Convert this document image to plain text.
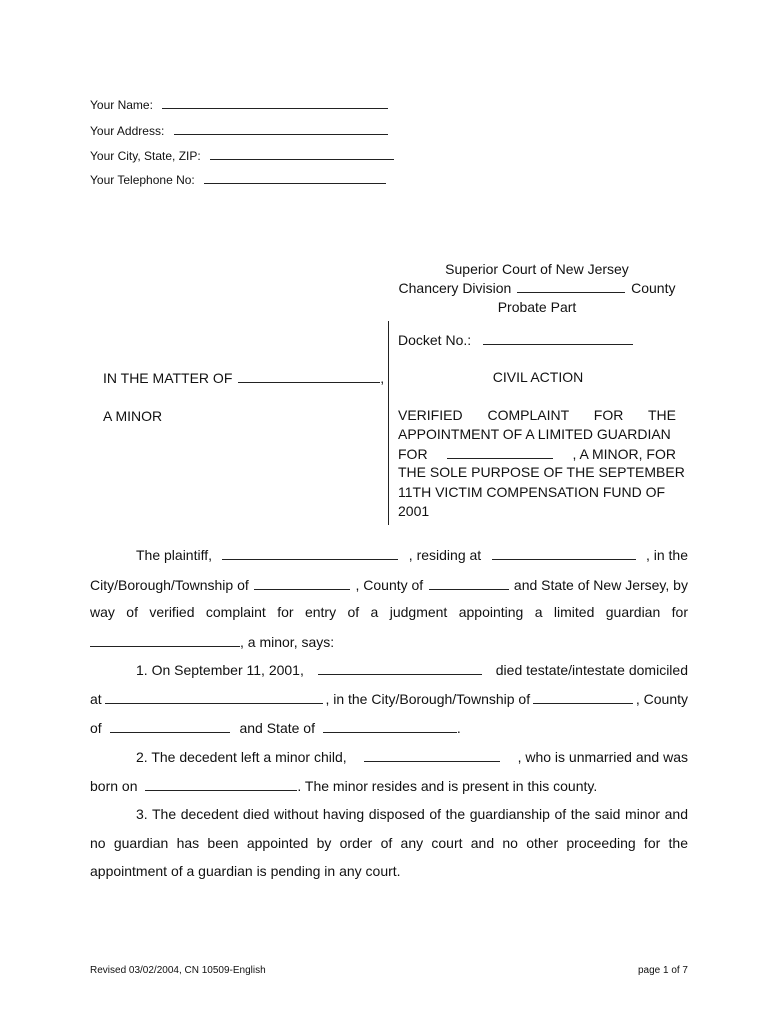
Your Name:
Your Address:
Your City, State, ZIP:
Your Telephone No:
Superior Court of New Jersey
Chancery Division	County
Probate Part
Docket No.:
IN THE MATTER OF	,
A MINOR
CIVIL ACTION
VERIFIED COMPLAINT FOR THE
APPOINTMENT OF A LIMITED GUARDIAN
FOR	, A MINOR, FOR
THE SOLE PURPOSE OF THE SEPTEMBER
11TH VICTIM COMPENSATION FUND OF
2001
The plaintiff,	, residing at	, in the
City/Borough/Township of	, County of	and State of New Jersey, by
way of verified complaint for entry of a judgment appointing a limited guardian for
, a minor, says:
1. On September 11, 2001,	died testate/intestate domiciled
at	, in the City/Borough/Township of	, County
of	and State of	.
2. The decedent left a minor child,	, who is unmarried and was
born on	. The minor resides and is present in this county.
3. The decedent died without having disposed of the guardianship of the said minor and
no guardian has been appointed by order of any court and no other proceeding for the
appointment of a guardian is pending in any court.
Revised 03/02/2004, CN 10509-English	page 1 of 7
